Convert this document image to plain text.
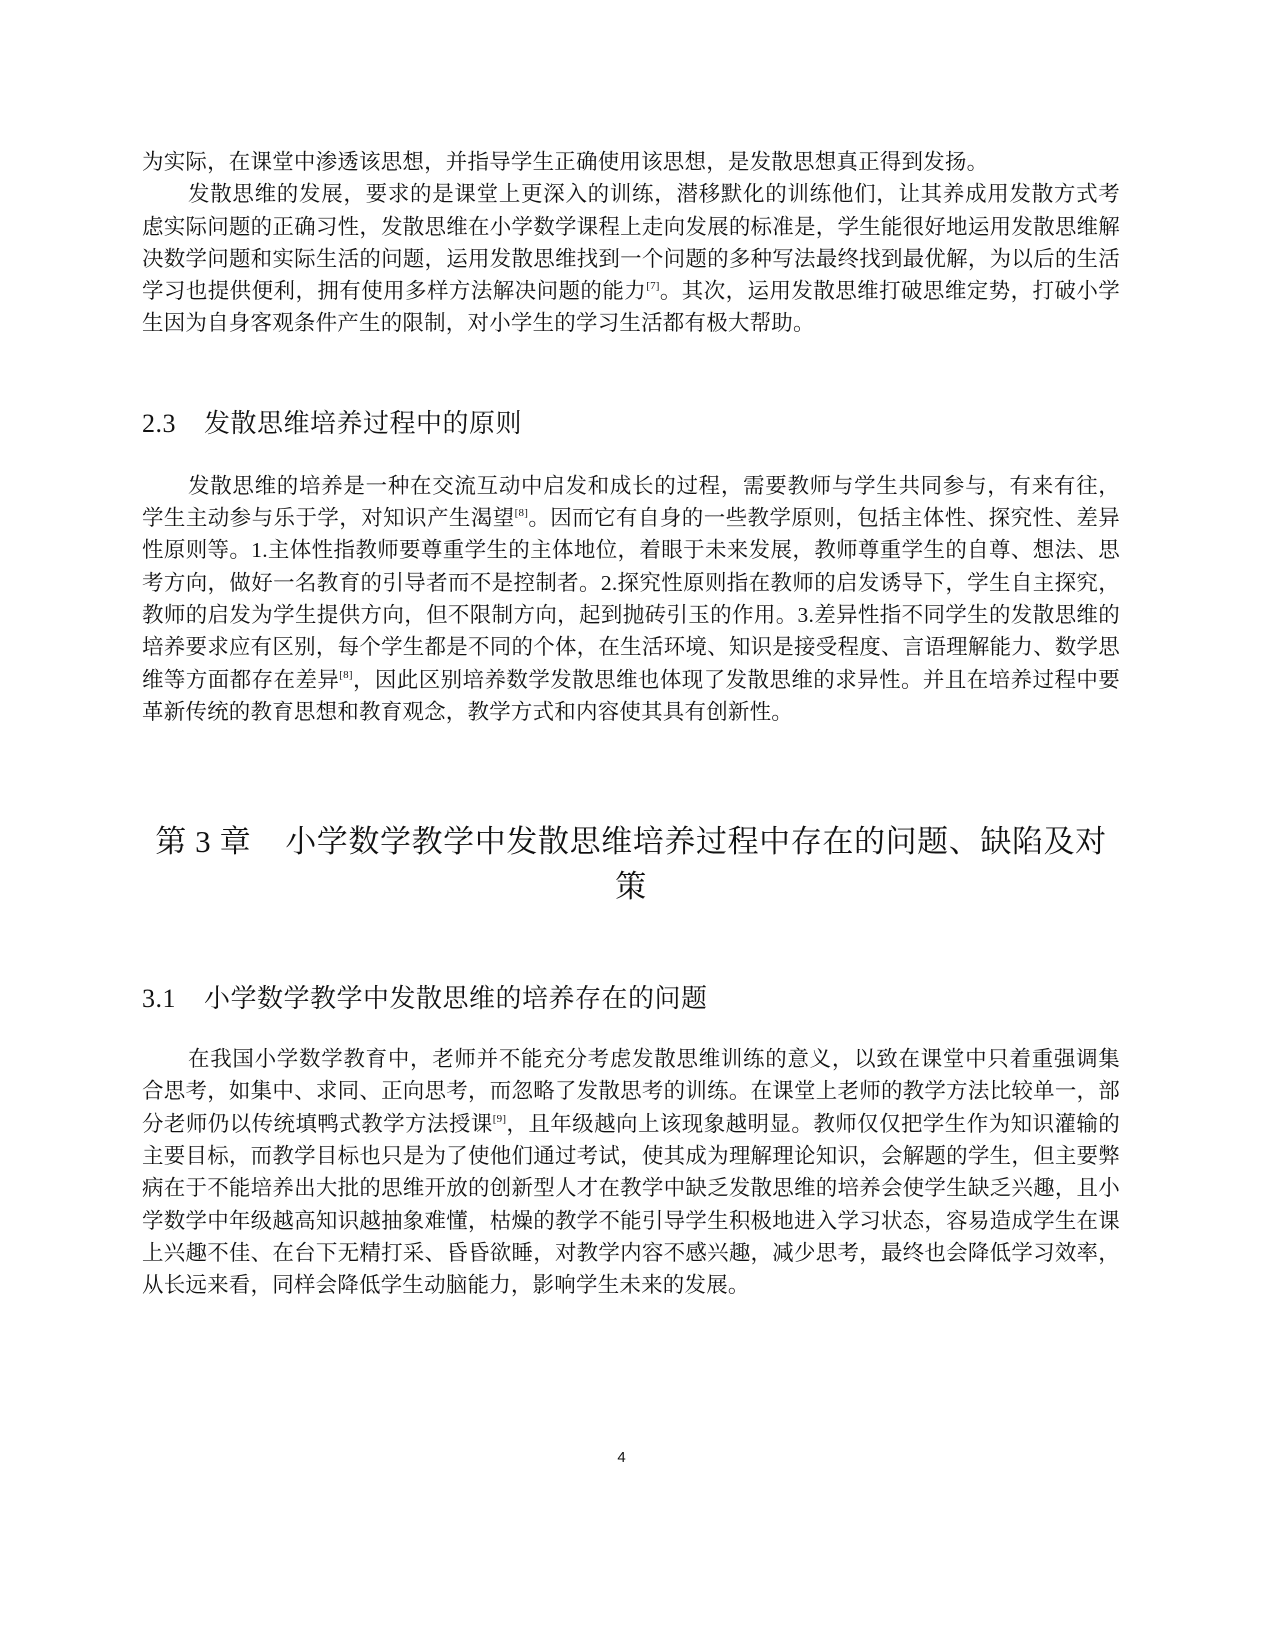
为实际，在课堂中渗透该思想，并指导学生正确使用该思想，是发散思想真正得到发扬。

发散思维的发展，要求的是课堂上更深入的训练，潜移默化的训练他们，让其养成用发散方式考虑实际问题的正确习性，发散思维在小学数学课程上走向发展的标准是，学生能很好地运用发散思维解决数学问题和实际生活的问题，运用发散思维找到一个问题的多种写法最终找到最优解，为以后的生活学习也提供便利，拥有使用多样方法解决问题的能力[7]。其次，运用发散思维打破思维定势，打破小学生因为自身客观条件产生的限制，对小学生的学习生活都有极大帮助。

2.3 发散思维培养过程中的原则

发散思维的培养是一种在交流互动中启发和成长的过程，需要教师与学生共同参与，有来有往，学生主动参与乐于学，对知识产生渴望[8]。因而它有自身的一些教学原则，包括主体性、探究性、差异性原则等。1.主体性指教师要尊重学生的主体地位，着眼于未来发展，教师尊重学生的自尊、想法、思考方向，做好一名教育的引导者而不是控制者。2.探究性原则指在教师的启发诱导下，学生自主探究，教师的启发为学生提供方向，但不限制方向，起到抛砖引玉的作用。3.差异性指不同学生的发散思维的培养要求应有区别，每个学生都是不同的个体，在生活环境、知识是接受程度、言语理解能力、数学思维等方面都存在差异[8]，因此区别培养数学发散思维也体现了发散思维的求异性。并且在培养过程中要革新传统的教育思想和教育观念，教学方式和内容使其具有创新性。

第 3 章 小学数学教学中发散思维培养过程中存在的问题、缺陷及对策
3.1 小学数学教学中发散思维的培养存在的问题

在我国小学数学教育中，老师并不能充分考虑发散思维训练的意义，以致在课堂中只着重强调集合思考，如集中、求同、正向思考，而忽略了发散思考的训练。在课堂上老师的教学方法比较单一，部分老师仍以传统填鸭式教学方法授课[9]，且年级越向上该现象越明显。教师仅仅把学生作为知识灌输的主要目标，而教学目标也只是为了使他们通过考试，使其成为理解理论知识，会解题的学生，但主要弊病在于不能培养出大批的思维开放的创新型人才在教学中缺乏发散思维的培养会使学生缺乏兴趣，且小学数学中年级越高知识越抽象难懂，枯燥的教学不能引导学生积极地进入学习状态，容易造成学生在课上兴趣不佳、在台下无精打采、昏昏欲睡，对教学内容不感兴趣，减少思考，最终也会降低学习效率，从长远来看，同样会降低学生动脑能力，影响学生未来的发展。

4
